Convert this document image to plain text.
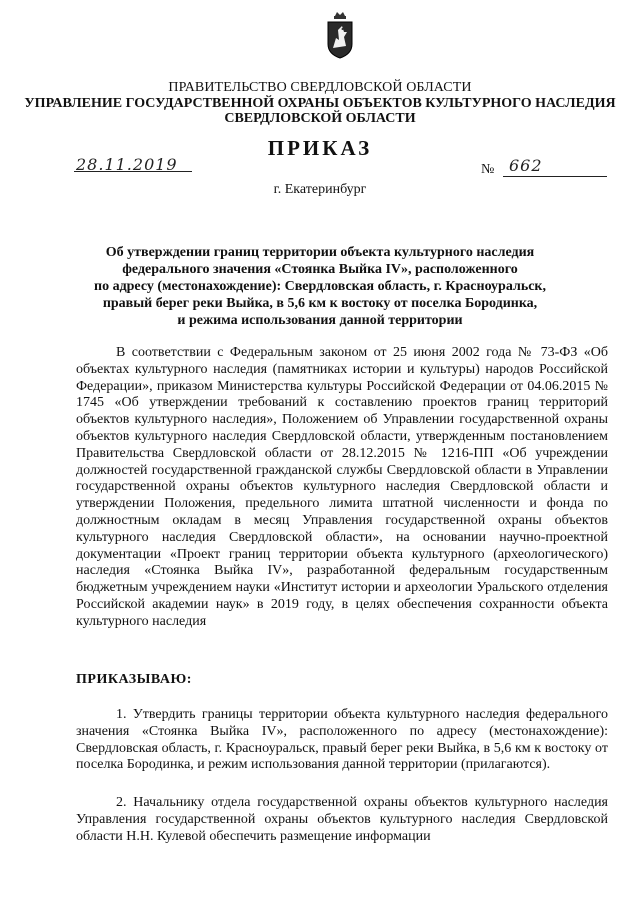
ПРАВИТЕЛЬСТВО СВЕРДЛОВСКОЙ ОБЛАСТИ
УПРАВЛЕНИЕ ГОСУДАРСТВЕННОЙ ОХРАНЫ ОБЪЕКТОВ КУЛЬТУРНОГО НАСЛЕДИЯ
СВЕРДЛОВСКОЙ ОБЛАСТИ
ПРИКАЗ
28.11.2019	№ 662
г. Екатеринбург
Об утверждении границ территории объекта культурного наследия
федерального значения «Стоянка Выйка IV», расположенного
по адресу (местонахождение): Свердловская область, г. Красноуральск,
правый берег реки Выйка, в 5,6 км к востоку от поселка Бородинка,
и режима использования данной территории

В соответствии с Федеральным законом от 25 июня 2002 года № 73-ФЗ «Об объектах культурного наследия (памятниках истории и культуры) народов Российской Федерации», приказом Министерства культуры Российской Федерации от 04.06.2015 № 1745 «Об утверждении требований к составлению проектов границ территорий объектов культурного наследия», Положением об Управлении государственной охраны объектов культурного наследия Свердловской области, утвержденным постановлением Правительства Свердловской области от 28.12.2015 № 1216-ПП «Об учреждении должностей государственной гражданской службы Свердловской области в Управлении государственной охраны объектов культурного наследия Свердловской области и утверждении Положения, предельного лимита штатной численности и фонда по должностным окладам в месяц Управления государственной охраны объектов культурного наследия Свердловской области», на основании научно-проектной документации «Проект границ территории объекта культурного (археологического) наследия «Стоянка Выйка IV», разработанной федеральным государственным бюджетным учреждением науки «Институт истории и археологии Уральского отделения Российской академии наук» в 2019 году, в целях обеспечения сохранности объекта культурного наследия

ПРИКАЗЫВАЮ:

1. Утвердить границы территории объекта культурного наследия федерального значения «Стоянка Выйка IV», расположенного по адресу (местонахождение): Свердловская область, г. Красноуральск, правый берег реки Выйка, в 5,6 км к востоку от поселка Бородинка, и режим использования данной территории (прилагаются).

2. Начальнику отдела государственной охраны объектов культурного наследия Управления государственной охраны объектов культурного наследия Свердловской области Н.Н. Кулевой обеспечить размещение информации
